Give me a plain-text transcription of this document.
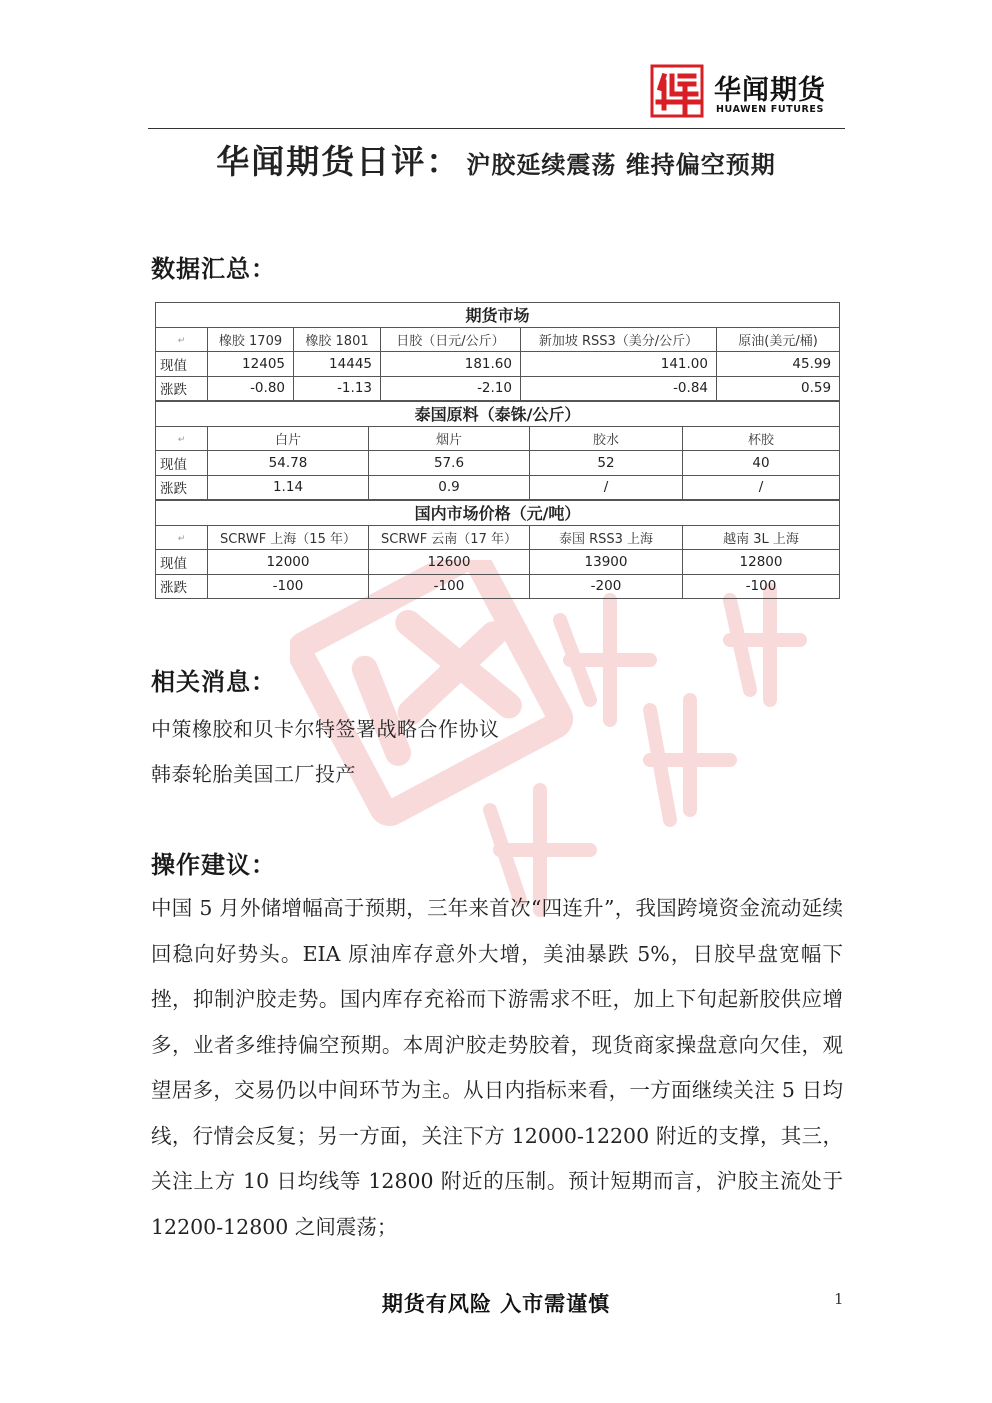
华闻期货
HUAWEN FUTURES
华闻期货日评： 沪胶延续震荡 维持偏空预期
数据汇总：
期货市场					
↵	橡胶 1709	橡胶 1801	日胶（日元/公斤）	新加坡 RSS3（美分/公斤）	原油(美元/桶)
现值	12405	14445	181.60	141.00	45.99
涨跌	-0.80	-1.13	-2.10	-0.84	0.59
泰国原料（泰铢/公斤）				
↵	白片	烟片	胶水	杯胶
现值	54.78	57.6	52	40
涨跌	1.14	0.9	/	/
国内市场价格（元/吨）				
↵	SCRWF 上海（15 年）	SCRWF 云南（17 年）	泰国 RSS3 上海	越南 3L 上海
现值	12000	12600	13900	12800
涨跌	-100	-100	-200	-100
相关消息：
中策橡胶和贝卡尔特签署战略合作协议
韩泰轮胎美国工厂投产
操作建议：
中国 5 月外储增幅高于预期，三年来首次“四连升”，我国跨境资金流动延续回稳向好势头。EIA 原油库存意外大增，美油暴跌 5%，日胶早盘宽幅下挫，抑制沪胶走势。国内库存充裕而下游需求不旺，加上下旬起新胶供应增多，业者多维持偏空预期。本周沪胶走势胶着，现货商家操盘意向欠佳，观望居多，交易仍以中间环节为主。从日内指标来看，一方面继续关注 5 日均线，行情会反复；另一方面，关注下方 12000-12200 附近的支撑，其三，关注上方 10 日均线等 12800 附近的压制。预计短期而言，沪胶主流处于 12200-12800 之间震荡；
期货有风险 入市需谨慎	1
